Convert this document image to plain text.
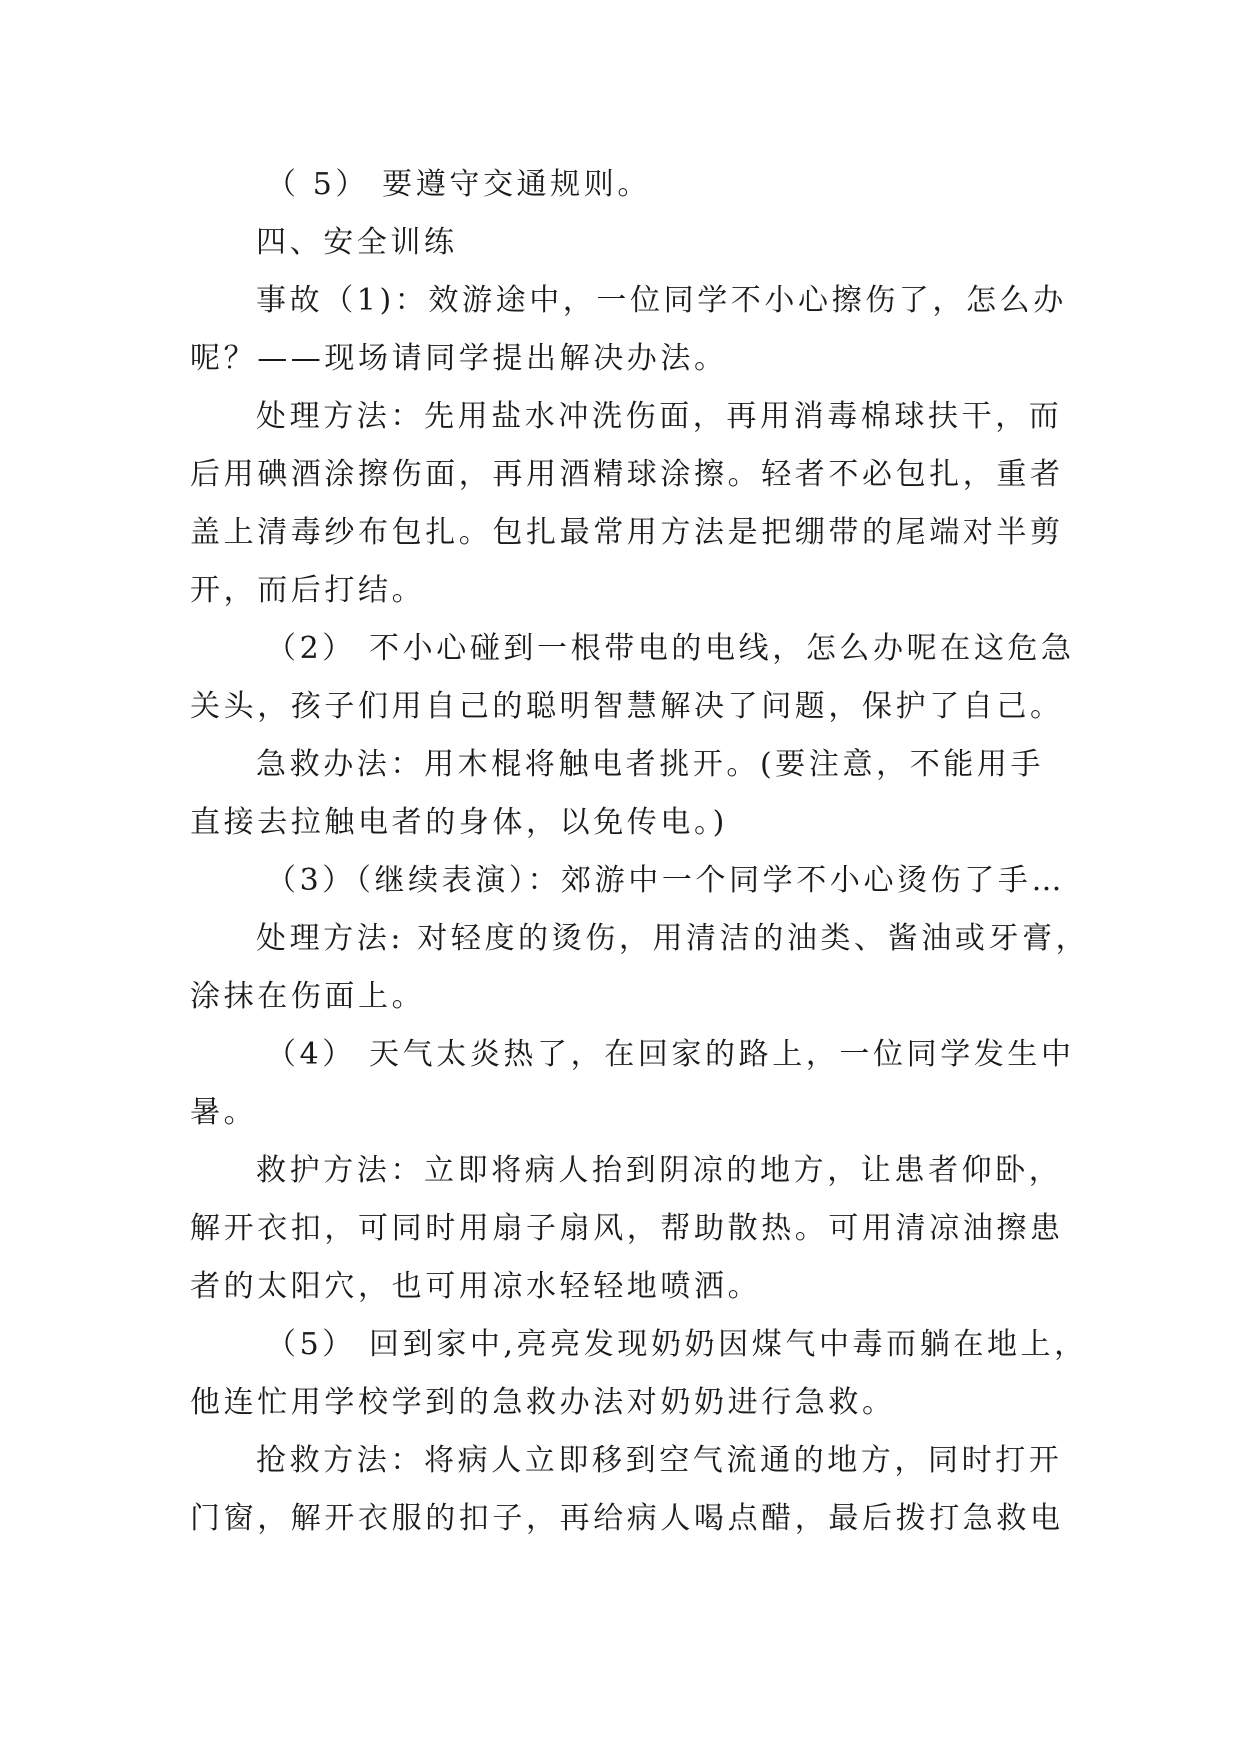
（ 5） 要遵守交通规则。
四、安全训练
事故（1)：效游途中，一位同学不小心擦伤了，怎么办
呢？——现场请同学提出解决办法。
处理方法：先用盐水冲洗伤面，再用消毒棉球扶干，而
后用碘酒涂擦伤面，再用酒精球涂擦。轻者不必包扎，重者
盖上清毒纱布包扎。包扎最常用方法是把绷带的尾端对半剪
开，而后打结。
（2） 不小心碰到一根带电的电线，怎么办呢在这危急
关头，孩子们用自己的聪明智慧解决了问题，保护了自己。
急救办法：用木棍将触电者挑开。(要注意，不能用手
直接去拉触电者的身体，以免传电。)
（3）（继续表演）：郊游中一个同学不小心烫伤了手…
处理方法: 对轻度的烫伤，用清洁的油类、酱油或牙膏，
涂抹在伤面上。
（4） 天气太炎热了，在回家的路上，一位同学发生中
暑。
救护方法：立即将病人抬到阴凉的地方，让患者仰卧，
解开衣扣，可同时用扇子扇风，帮助散热。可用清凉油擦患
者的太阳穴，也可用凉水轻轻地喷洒。
（5） 回到家中,亮亮发现奶奶因煤气中毒而躺在地上，
他连忙用学校学到的急救办法对奶奶进行急救。
抢救方法：将病人立即移到空气流通的地方，同时打开
门窗，解开衣服的扣子，再给病人喝点醋，最后拨打急救电
